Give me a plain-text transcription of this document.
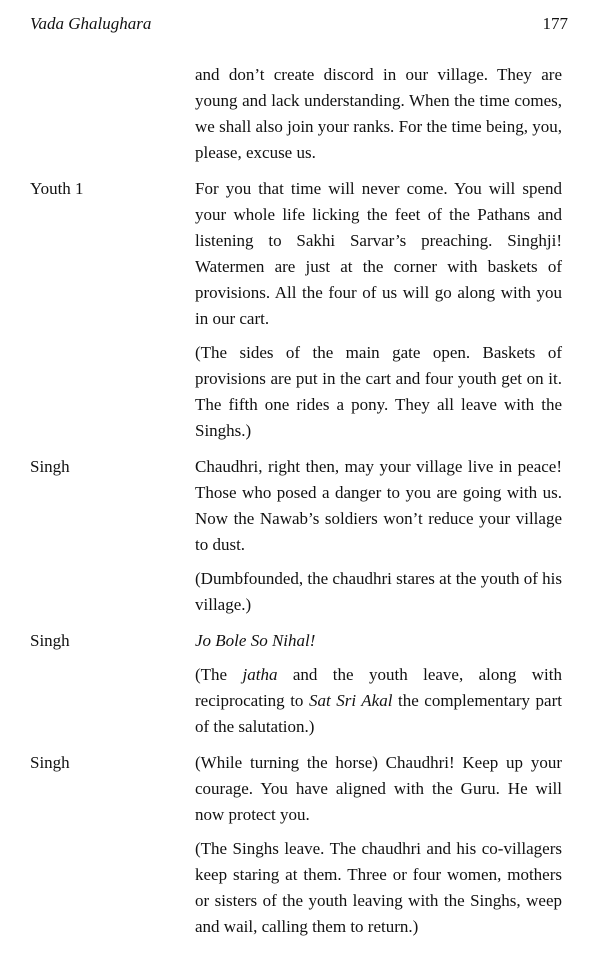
Vada Ghalughara	177

and don’t create discord in our village. They are young and lack understanding. When the time comes, we shall also join your ranks. For the time being, you, please, excuse us.

Youth 1	For you that time will never come. You will spend your whole life licking the feet of the Pathans and listening to Sakhi Sarvar’s preaching. Singhji! Watermen are just at the corner with baskets of provisions. All the four of us will go along with you in our cart.

(The sides of the main gate open. Baskets of provisions are put in the cart and four youth get on it. The fifth one rides a pony. They all leave with the Singhs.)

Singh	Chaudhri, right then, may your village live in peace! Those who posed a danger to you are going with us. Now the Nawab’s soldiers won’t reduce your village to dust.

(Dumbfounded, the chaudhri stares at the youth of his village.)

Singh	Jo Bole So Nihal!

(The jatha and the youth leave, along with reciprocating to Sat Sri Akal the complementary part of the salutation.)

Singh	(While turning the horse) Chaudhri! Keep up your courage. You have aligned with the Guru. He will now protect you.

(The Singhs leave. The chaudhri and his co-villagers keep staring at them. Three or four women, mothers or sisters of the youth leaving with the Singhs, weep and wail, calling them to return.)
